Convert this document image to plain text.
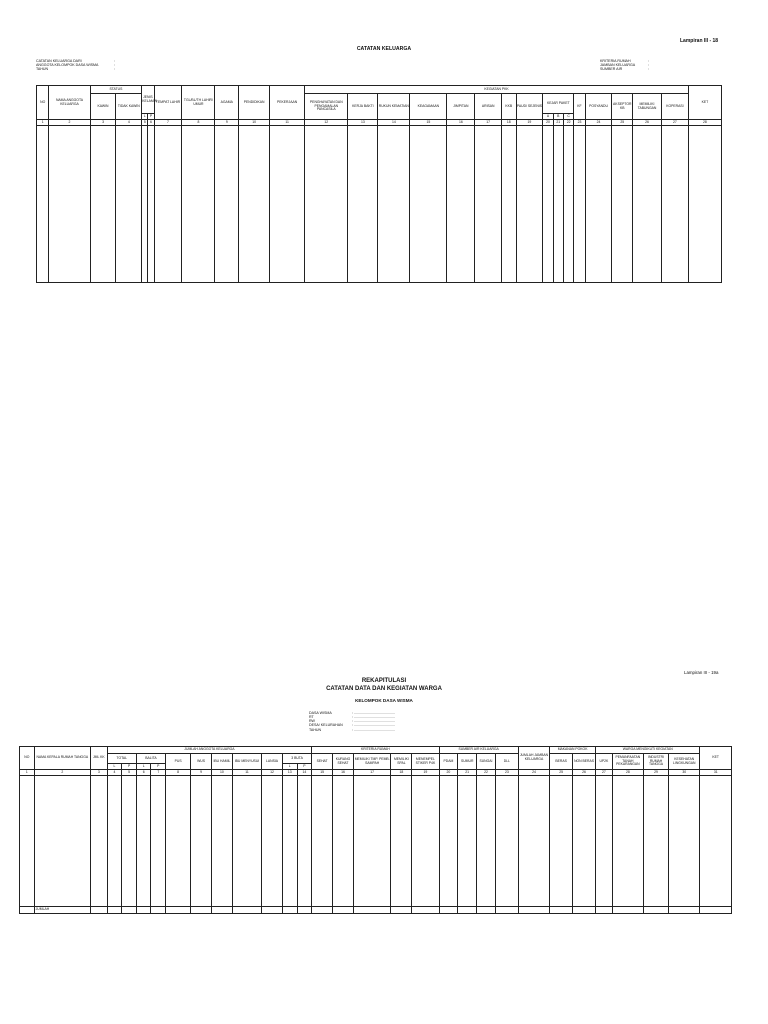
Lampiran III - 18
CATATAN KELUARGA
CATATAN KELUARGA DARI	:
ANGGOTA KELOMPOK DASA WISMA	:
TAHUN	:
KRITERIA RUMAH	:
JAMBAN KELUARGA	:
SUMBER AIR	:
NO	NAMA ANGGOTA KELUARGA	STATUS		JENIS KELAMIN		TEMPAT LAHIR	TGL/BL/TH LAHIR/ UMUR	AGAMA	PENDIDIKAN	PEKERJAAN	KEGIATAN PKK																KET
		KAWIN	TIDAK KAWIN								PENGHAYATAN DAN PENGAMALAN PANCASILA	KERJA BAKTI	RUKUN KEMATIAN	KEAGAMAAN	JIMPITAN	ARISAN	KKB	PAUD/ SEJENIS	KEJAR PAKET			KF	POSYANDU	AKSEPTOR KB	MEMILIKI TABUNGAN	KOPERASI	
				L	P														A	B	C						
1	2	3	4	5	6	7	8	9	10	11	12	13	14	15	16	17	18	19	20	21	22	23	24	25	26	27	28

Lampiran III - 19a
REKAPITULASI
CATATAN DATA DAN KEGIATAN WARGA
KELOMPOK DASA WISMA
DASA WISMA	: .........................................
RT	: .........................................
RW	: .........................................
DESA/ KELURAHAN	: .........................................
TAHUN	: .........................................
NO	NAMA KEPALA RUMAH TANGGA	JML KK	JUMLAH ANGGOTA KELUARGA											KRITERIA RUMAH					SUMBER AIR KELUARGA				JUMLAH JAMBAN KELUARGA	MAKANAN POKOK		WARGA MENGIKUTI KEGIATAN				KET
			TOTAL		BALITA		PUS	WUS	IBU HAMIL	IBU MENYUSUI	LANSIA	3 BUTA		SEHAT	KURANG SEHAT	MEMILIKI TMP. PEMB. SAMPAH	MEMILIKI SPAL	MENEMPEL STIKER P4K	PDAM	SUMUR	SUNGAI	DLL		BERAS	NON BERAS	UP2K	PEMANFAATAN TANAH PEKARANGAN	INDUSTRI RUMAH TANGGA	KESEHATAN LINGKUNGAN	
			L	P	L	P						L	P																	
1	2	3	4	5	6	7	8	9	10	11	12	13	14	15	16	17	18	19	20	21	22	23	24	25	26	27	28	29	30	31

	JUMLAH																													
